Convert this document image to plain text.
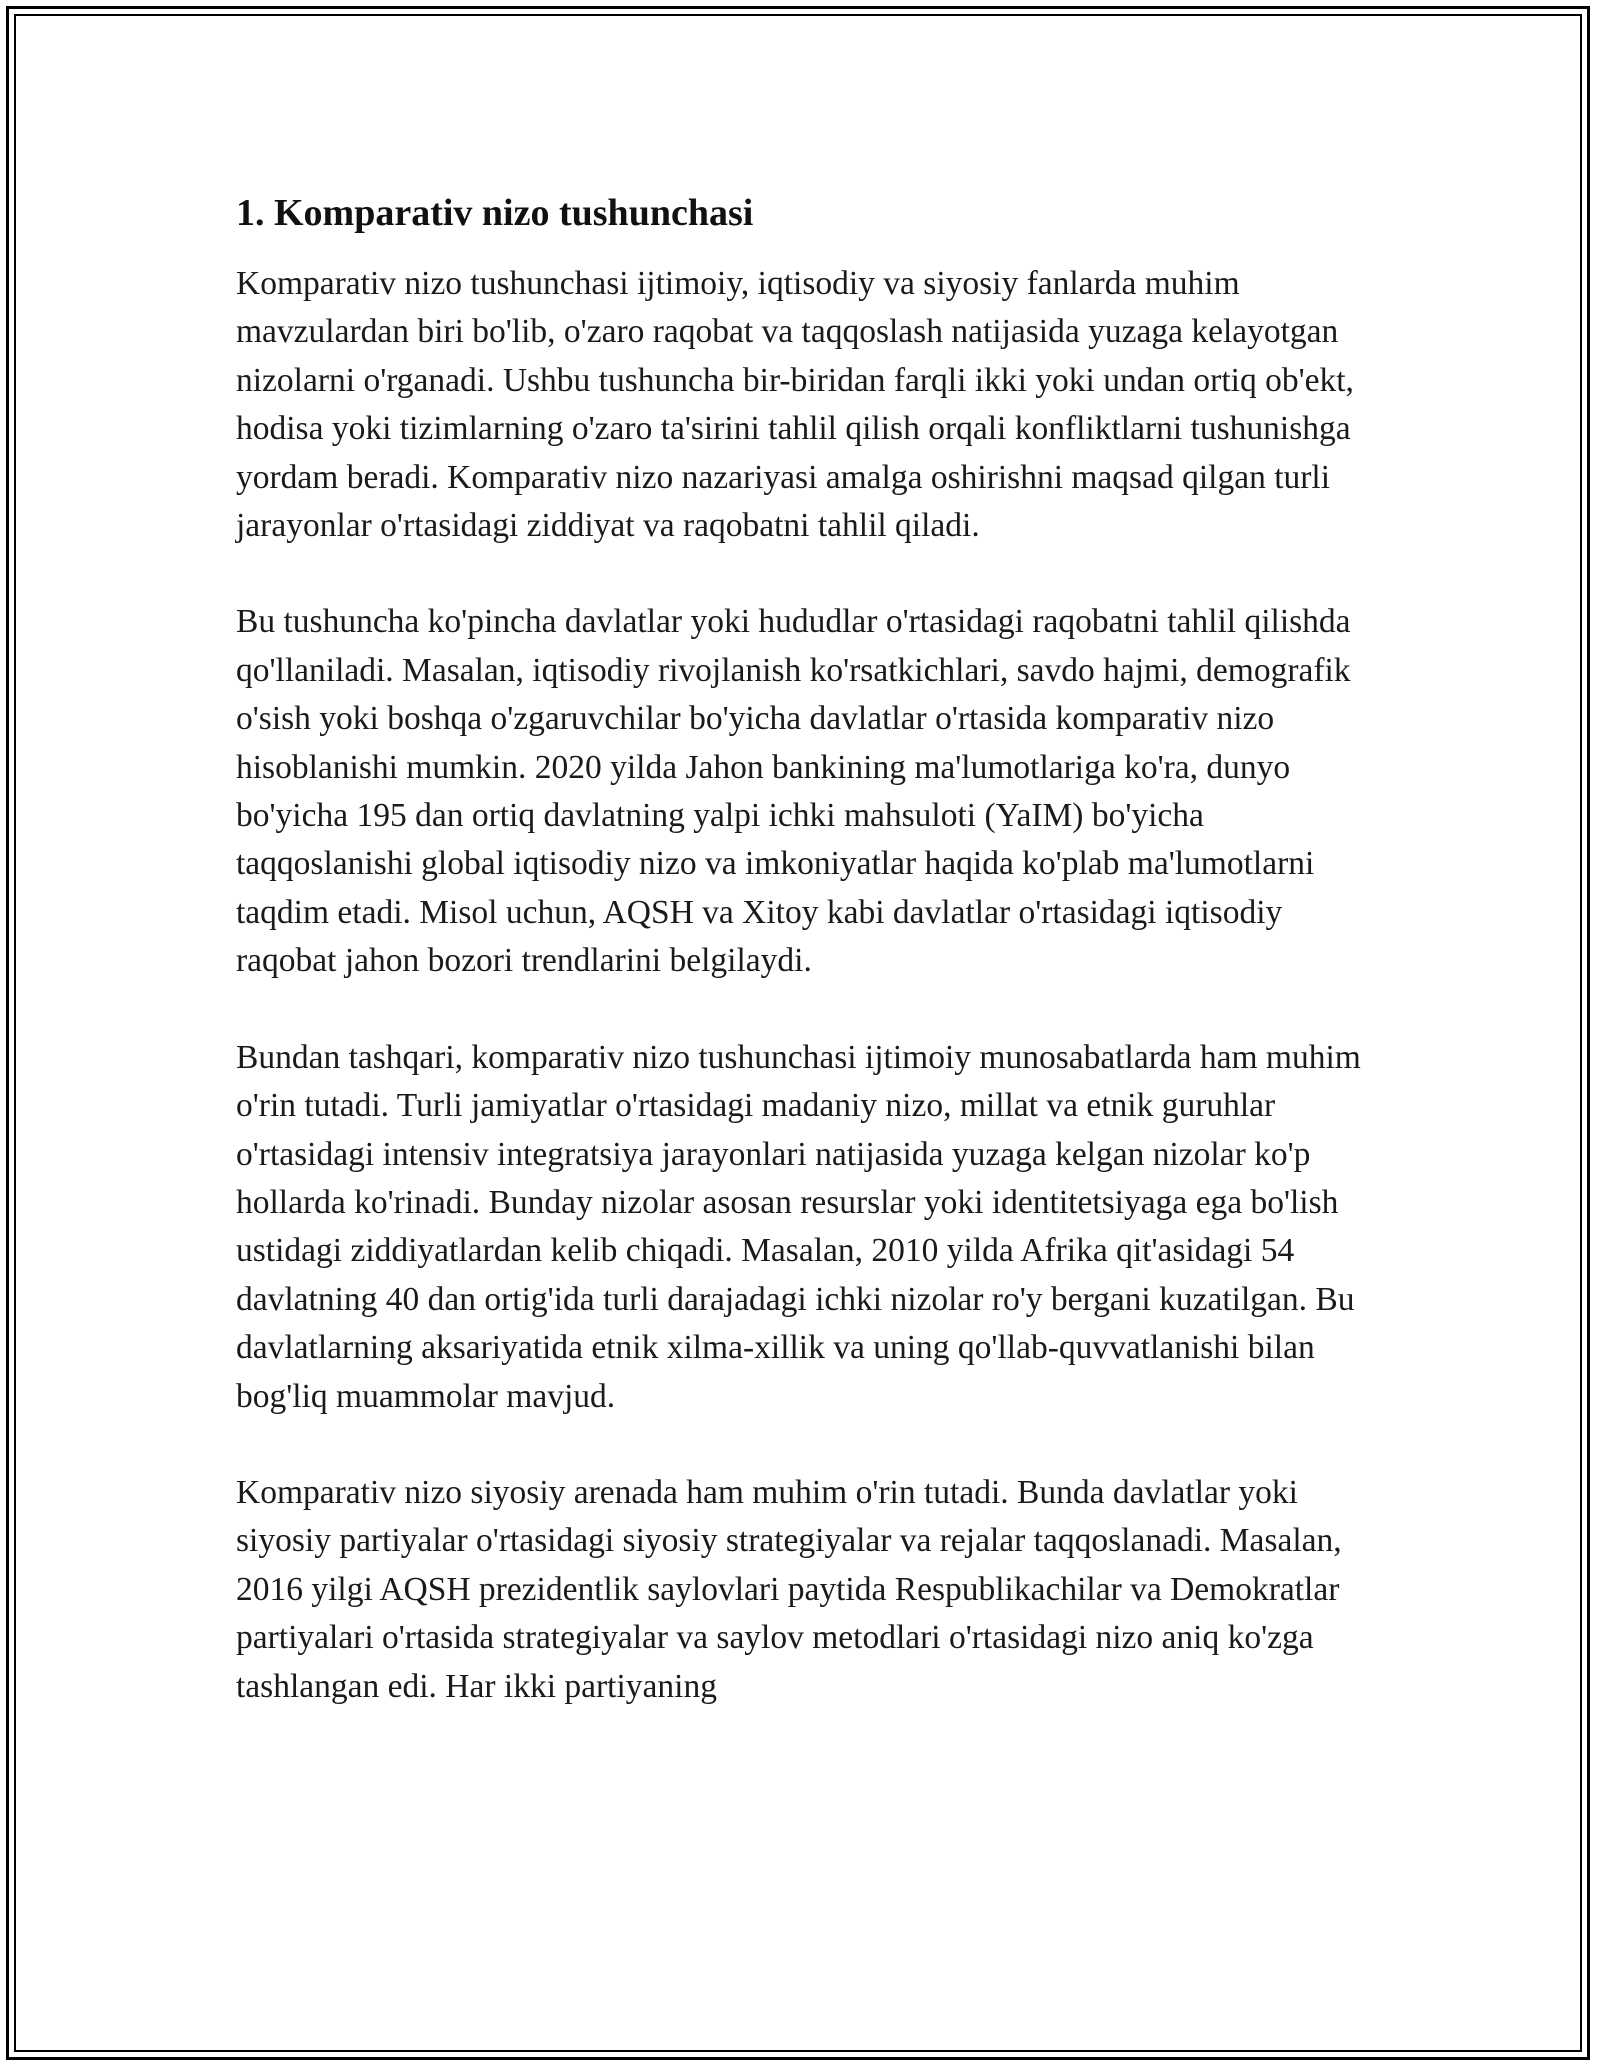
1. Komparativ nizo tushunchasi

Komparativ nizo tushunchasi ijtimoiy, iqtisodiy va siyosiy fanlarda muhim mavzulardan biri bo'lib, o'zaro raqobat va taqqoslash natijasida yuzaga kelayotgan nizolarni o'rganadi. Ushbu tushuncha bir-biridan farqli ikki yoki undan ortiq ob'ekt, hodisa yoki tizimlarning o'zaro ta'sirini tahlil qilish orqali konfliktlarni tushunishga yordam beradi. Komparativ nizo nazariyasi amalga oshirishni maqsad qilgan turli jarayonlar o'rtasidagi ziddiyat va raqobatni tahlil qiladi.

Bu tushuncha ko'pincha davlatlar yoki hududlar o'rtasidagi raqobatni tahlil qilishda qo'llaniladi. Masalan, iqtisodiy rivojlanish ko'rsatkichlari, savdo hajmi, demografik o'sish yoki boshqa o'zgaruvchilar bo'yicha davlatlar o'rtasida komparativ nizo hisoblanishi mumkin. 2020 yilda Jahon bankining ma'lumotlariga ko'ra, dunyo bo'yicha 195 dan ortiq davlatning yalpi ichki mahsuloti (YaIM) bo'yicha taqqoslanishi global iqtisodiy nizo va imkoniyatlar haqida ko'plab ma'lumotlarni taqdim etadi. Misol uchun, AQSH va Xitoy kabi davlatlar o'rtasidagi iqtisodiy raqobat jahon bozori trendlarini belgilaydi.

Bundan tashqari, komparativ nizo tushunchasi ijtimoiy munosabatlarda ham muhim o'rin tutadi. Turli jamiyatlar o'rtasidagi madaniy nizo, millat va etnik guruhlar o'rtasidagi intensiv integratsiya jarayonlari natijasida yuzaga kelgan nizolar ko'p hollarda ko'rinadi. Bunday nizolar asosan resurslar yoki identitetsiyaga ega bo'lish ustidagi ziddiyatlardan kelib chiqadi. Masalan, 2010 yilda Afrika qit'asidagi 54 davlatning 40 dan ortig'ida turli darajadagi ichki nizolar ro'y bergani kuzatilgan. Bu davlatlarning aksariyatida etnik xilma-xillik va uning qo'llab-quvvatlanishi bilan bog'liq muammolar mavjud.

Komparativ nizo siyosiy arenada ham muhim o'rin tutadi. Bunda davlatlar yoki siyosiy partiyalar o'rtasidagi siyosiy strategiyalar va rejalar taqqoslanadi. Masalan, 2016 yilgi AQSH prezidentlik saylovlari paytida Respublikachilar va Demokratlar partiyalari o'rtasida strategiyalar va saylov metodlari o'rtasidagi nizo aniq ko'zga tashlangan edi. Har ikki partiyaning
